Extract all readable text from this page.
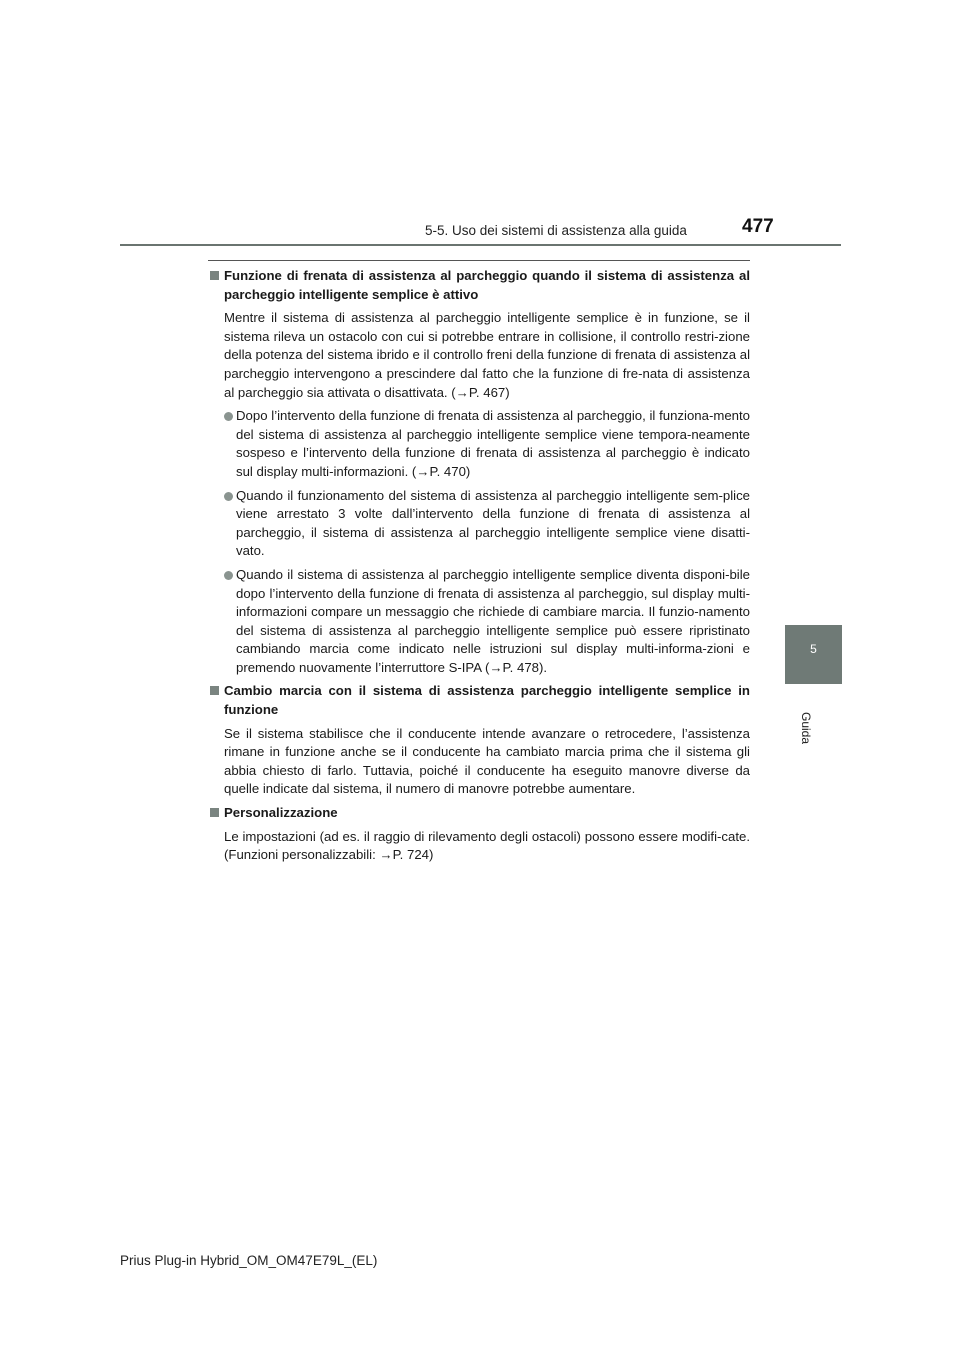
5-5. Uso dei sistemi di assistenza alla guida	477
5
Guida

Funzione di frenata di assistenza al parcheggio quando il sistema di assistenza al parcheggio intelligente semplice è attivo

Mentre il sistema di assistenza al parcheggio intelligente semplice è in funzione, se il sistema rileva un ostacolo con cui si potrebbe entrare in collisione, il controllo restri-zione della potenza del sistema ibrido e il controllo freni della funzione di frenata di assistenza al parcheggio intervengono a prescindere dal fatto che la funzione di fre-nata di assistenza al parcheggio sia attivata o disattivata. (→P. 467)

Dopo l’intervento della funzione di frenata di assistenza al parcheggio, il funziona-mento del sistema di assistenza al parcheggio intelligente semplice viene tempora-neamente sospeso e l’intervento della funzione di frenata di assistenza al parcheggio è indicato sul display multi-informazioni. (→P. 470)
Quando il funzionamento del sistema di assistenza al parcheggio intelligente sem-plice viene arrestato 3 volte dall’intervento della funzione di frenata di assistenza al parcheggio, il sistema di assistenza al parcheggio intelligente semplice viene disatti-vato.
Quando il sistema di assistenza al parcheggio intelligente semplice diventa disponi-bile dopo l’intervento della funzione di frenata di assistenza al parcheggio, sul display multi-informazioni compare un messaggio che richiede di cambiare marcia. Il funzio-namento del sistema di assistenza al parcheggio intelligente semplice può essere ripristinato cambiando marcia come indicato nelle istruzioni sul display multi-informa-zioni e premendo nuovamente l’interruttore S-IPA (→P. 478).

Cambio marcia con il sistema di assistenza parcheggio intelligente semplice in funzione

Se il sistema stabilisce che il conducente intende avanzare o retrocedere, l’assistenza rimane in funzione anche se il conducente ha cambiato marcia prima che il sistema gli abbia chiesto di farlo. Tuttavia, poiché il conducente ha eseguito manovre diverse da quelle indicate dal sistema, il numero di manovre potrebbe aumentare.

Personalizzazione

Le impostazioni (ad es. il raggio di rilevamento degli ostacoli) possono essere modifi-cate. (Funzioni personalizzabili: →P. 724)

Prius Plug-in Hybrid_OM_OM47E79L_(EL)
